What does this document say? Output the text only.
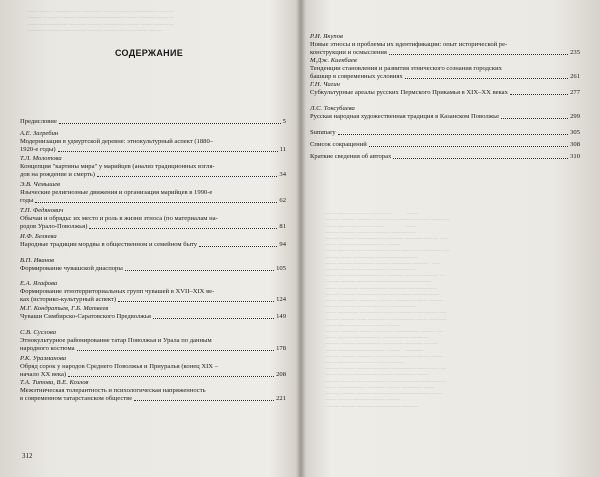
─── ──── ─────── ────── ─── ──── ──────── ────
──── ───── ──── ───── ──────── ─── ───── ─────
─── ──────── ───── ──── ────── ──── ─── ──────
───── ──── ─────── ──── ──── ──────── ────

СОДЕРЖАНИЕ
Предисловие	5
А.Е. Загребин
Модернизация в удмуртской деревне: этнокультурный аспект (1880–
1920-е годы)	11
Т.Л. Молотова
Концепция "картины мира" у марийцев (анализ традиционных взгля-
дов на рождение и смерть)	34
Э.В. Чемышев
Языческие религиозные движения и организация марийцев в 1990-е
годы	62
Т.П. Федянович
Обычаи и обряды: их место и роль в жизни этноса (по материалам на-
родов Урало-Поволжья)	81
И.Ф. Беляева
Народные традиции мордвы в общественном и семейном быту	94
В.П. Иванов
Формирование чувашской диаспоры	105
Е.А. Ягафова
Формирование этнотерриториальных групп чувашей в XVII–XIX ве-
ках (историко-культурный аспект)	124
М.Г. Кондратьев, Г.Б. Матвеев
Чуваши Симбирско-Саратовского Предволжья	149
С.В. Суслова
Этнокультурное районирование татар Поволжья и Урала по данным
народного костюма	178
Р.К. Уразманова
Обряд сорок у народов Среднего Поволжья и Приуралья (конец XIX –
начало XX века)	208
Т.А. Титова, В.Е. Козлов
Межэтническая толерантность и психологическая напряженность
в современном татарстанском обществе	221
312

─── ───────── ──────            ───
──── ──── ───── ────── ───── ──── ─────
─── ────── ───────                 ───
──── ──── ──── ───── ───────
──── ──── ─────── ────── ───── ────  ──
─── ──── ───────── ────
─── ───── ──── ──────── ──── ─────── ──
──── ─── ────── ────────────
─── ──── ────── ──── ────── ────    ──
──── ──── ──── ───── ───────
─── ──── ───────── ───── ─── ──────  ─
──── ──── ───── ────── ───── ────
─── ────── ──────── ───── ────────
──── ──── ─────── ──── ──── ──── ───
─── ────── ───── ──── ────── ─── ────
──── ──── ──── ───── ───────
─── ────── ────── ──── ──── ─────── ──
──── ──── ─── ───── ──────── ─── ─────
─── ──── ───────── ────
──── ───── ──── ───── ─────── ──── ──
─── ──── ──────── ──── ─── ─────
──── ──── ─────── ────── ───── ────
─── ──── ───────── ────    ─────
──── ──── ───── ────── ───── ──── ───
─── ──── ─────── ───────
──── ──── ──── ───── ─────── ────── ──
─── ──── ─────── ──── ────── ───
──── ──── ───── ──── ──────── ─── ────
─── ──────── ───── ──── ────── ───
──── ──── ──── ─────── ───── ──── ───
─── ──── ───────── ────
──── ──── ───── ─────── ─────

Р.И. Якупов
Новые этносы и проблемы их идентификации: опыт исторической ре-
конструкции и осмысления	235
М.Дж. Киекбаев
Тенденции становления и развития этнического сознания городских
башкир в современных условиях	261
Г.Н. Чагин
Субкультурные ареалы русских Пермского Прикамья в XIX–XX веках	277
Л.С. Токсубаева
Русская народная художественная традиция в Казанском Поволжье	299
Summary	305
Список сокращений	308
Краткие сведения об авторах	310
